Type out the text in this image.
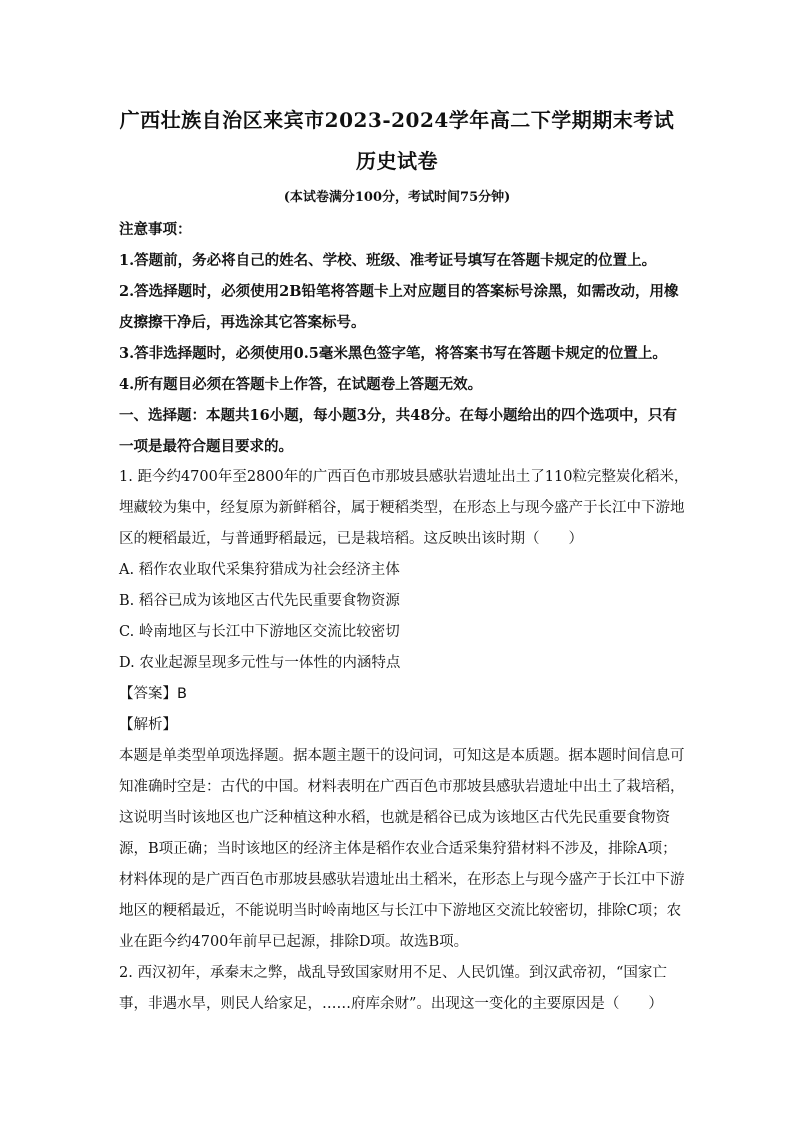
广西壮族自治区来宾市2023-2024学年高二下学期期末考试
历史试卷
(本试卷满分100分，考试时间75分钟)
注意事项：
1.答题前，务必将自己的姓名、学校、班级、准考证号填写在答题卡规定的位置上。
2.答选择题时，必须使用2B铅笔将答题卡上对应题目的答案标号涂黑，如需改动，用橡
皮擦擦干净后，再选涂其它答案标号。
3.答非选择题时，必须使用0.5毫米黑色签字笔，将答案书写在答题卡规定的位置上。
4.所有题目必须在答题卡上作答，在试题卷上答题无效。
一、选择题：本题共16小题，每小题3分，共48分。在每小题给出的四个选项中，只有
一项是最符合题目要求的。
1. 距今约4700年至2800年的广西百色市那坡县感驮岩遗址出土了110粒完整炭化稻米，
埋藏较为集中，经复原为新鲜稻谷，属于粳稻类型，在形态上与现今盛产于长江中下游地
区的粳稻最近，与普通野稻最远，已是栽培稻。这反映出该时期（　　）
A. 稻作农业取代采集狩猎成为社会经济主体
B. 稻谷已成为该地区古代先民重要食物资源
C. 岭南地区与长江中下游地区交流比较密切
D. 农业起源呈现多元性与一体性的内涵特点
【答案】B
【解析】
本题是单类型单项选择题。据本题主题干的设问词，可知这是本质题。据本题时间信息可
知准确时空是：古代的中国。材料表明在广西百色市那坡县感驮岩遗址中出土了栽培稻，
这说明当时该地区也广泛种植这种水稻，也就是稻谷已成为该地区古代先民重要食物资
源，B项正确；当时该地区的经济主体是稻作农业合适采集狩猎材料不涉及，排除A项；
材料体现的是广西百色市那坡县感驮岩遗址出土稻米，在形态上与现今盛产于长江中下游
地区的粳稻最近，不能说明当时岭南地区与长江中下游地区交流比较密切，排除C项；农
业在距今约4700年前早已起源，排除D项。故选B项。
2. 西汉初年，承秦末之弊，战乱导致国家财用不足、人民饥馑。到汉武帝初，“国家亡
事，非遇水旱，则民人给家足，……府库余财”。出现这一变化的主要原因是（　　）
